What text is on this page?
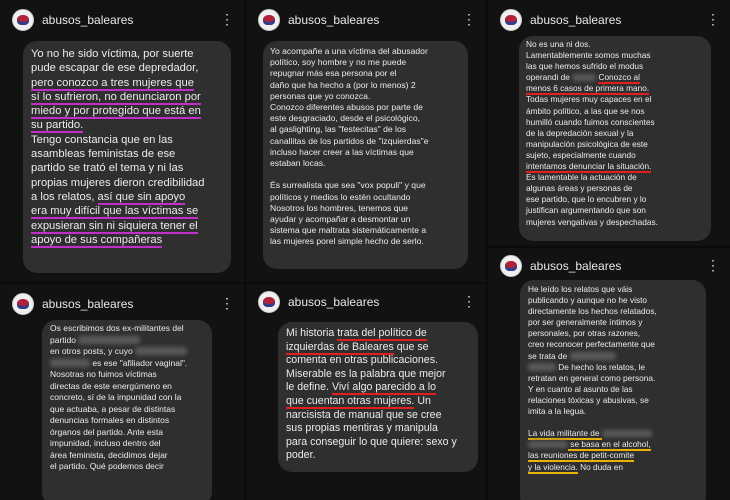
abusos_baleares	⋮

Yo no he sido víctima, por suerte
pude escapar de ese depredador,
pero conozco a tres mujeres que
sí lo sufrieron, no denunciaron por
miedo y por protegido que está en
su partido.
Tengo constancia que en las
asambleas feministas de ese
partido se trató el tema y ni las
propias mujeres dieron credibilidad
a los relatos, así que sin apoyo
era muy difícil que las víctimas se
expusieran sin ni siquiera tener el
apoyo de sus compañeras

abusos_baleares	⋮

Yo acompañe a una víctima del abusador
político, soy hombre y no me puede
repugnar más esa persona por el
daño que ha hecho a (por lo menos) 2
personas que yo conozca.
Conozco diferentes abusos por parte de
este desgraciado, desde el psicológico,
al gaslighting, las "festecitas" de los
canallitas de los partidos de "izquierdas"e
incluso hacer creer a las víctimas que
estaban locas.

És surrealista que sea "vox populi" y que
políticos y medios lo estén ocultando
Nosotros los hombres, tenemos que
ayudar y acompañar a desmontar un
sistema que maltrata sistemáticamente a
las mujeres porel simple hecho de serlo.

abusos_baleares	⋮

No es una ni dos.
Lamentablemente somos muchas
las que hemos sufrido el modus
operandi de	Conozco al
menos 6 casos de primera mano.
Todas mujeres muy capaces en el
ámbito político, a las que se nos
humilló cuando fuimos conscientes
de la depredación sexual y la
manipulación psicológica de este
sujeto, especialmente cuando
intentamos denunciar la situación.
Es lamentable la actuación de
algunas áreas y personas de
ese partido, que lo encubren y lo
justifican argumentando que son
mujeres vengativas y despechadas.

abusos_baleares	⋮

Os escribimos dos ex-militantes del
partido
en otros posts, y cuyo
es ese "afiliador vaginal".
Nosotras no fuimos víctimas
directas de este energúmeno en
concreto, sí de la impunidad con la
que actuaba, a pesar de distintas
denuncias formales en distintos
órganos del partido. Ante esta
impunidad, incluso dentro del
área feminista, decidimos dejar
el partido. Qué podemos decir

abusos_baleares	⋮

Mi historia trata del político de
izquierdas de Baleares que se
comenta en otras publicaciones.
Miserable es la palabra que mejor
le define. Viví algo parecido a lo
que cuentan otras mujeres. Un
narcisista de manual que se cree
sus propias mentiras y manipula
para conseguir lo que quiere: sexo y
poder.

abusos_baleares	⋮

He leído los relatos que váis
publicando y aunque no he visto
directamente los hechos relatados,
por ser generalmente íntimos y
personales, por otras razones,
creo reconocer perfectamente que
se trata de
De hecho los relatos, le
retratan en general como persona.
Y en cuanto al asunto de las
relaciones tóxicas y abusivas, se
imita a la legua.

La vida militante de
se basa en el alcohol,
las reuniones de petit-comite
y la violencia. No duda en
